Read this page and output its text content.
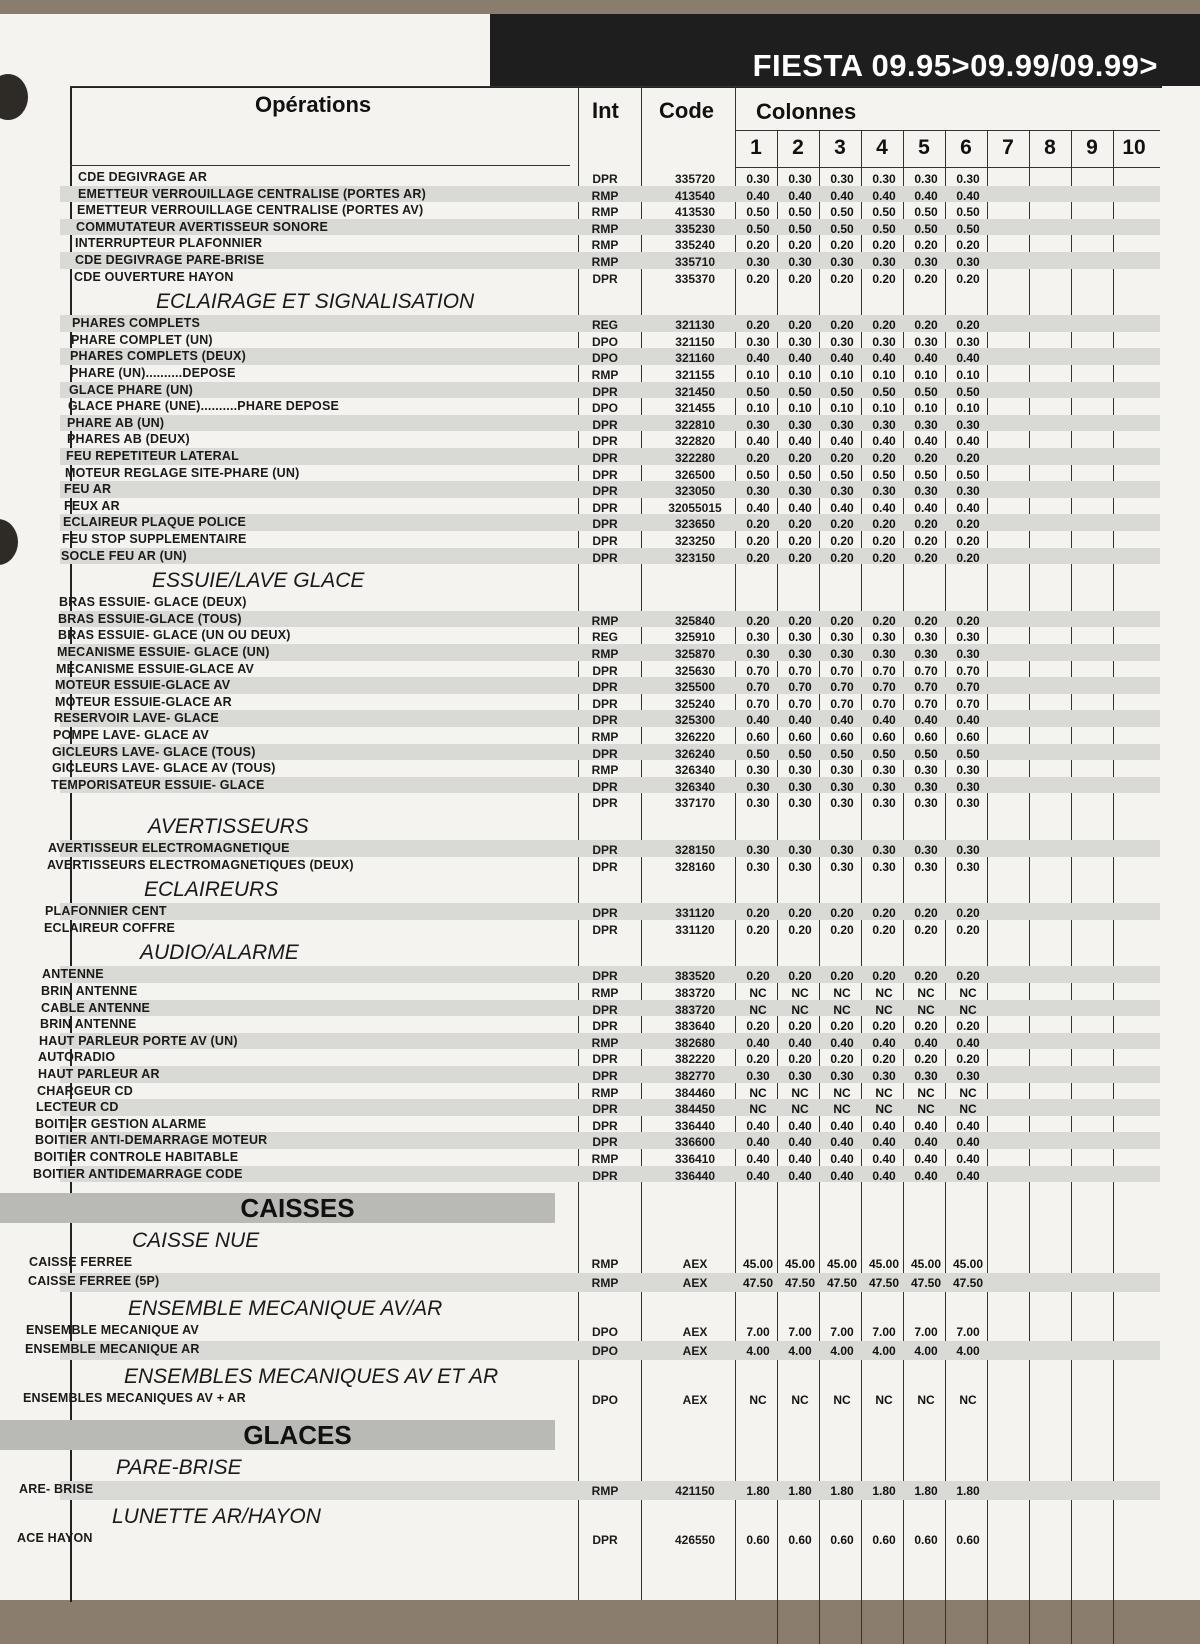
FIESTA 09.95>09.99/09.99>
Opérations	Int Code Colonnes
1	2	3	4	5	6	7	8	9	10
CDE DEGIVRAGE AR	DPR	335720	0.30	0.30	0.30	0.30	0.30	0.30
EMETTEUR VERROUILLAGE CENTRALISE (PORTES AR)	RMP	413540	0.40	0.40	0.40	0.40	0.40	0.40
EMETTEUR VERROUILLAGE CENTRALISE (PORTES AV)	RMP	413530	0.50	0.50	0.50	0.50	0.50	0.50
COMMUTATEUR AVERTISSEUR SONORE	RMP	335230	0.50	0.50	0.50	0.50	0.50	0.50
INTERRUPTEUR PLAFONNIER	RMP	335240	0.20	0.20	0.20	0.20	0.20	0.20
CDE DEGIVRAGE PARE-BRISE	RMP	335710	0.30	0.30	0.30	0.30	0.30	0.30
CDE OUVERTURE HAYON	DPR	335370	0.20	0.20	0.20	0.20	0.20	0.20
ECLAIRAGE ET SIGNALISATION
PHARES COMPLETS	REG	321130	0.20	0.20	0.20	0.20	0.20	0.20
PHARE COMPLET (UN)	DPO	321150	0.30	0.30	0.30	0.30	0.30	0.30
PHARES COMPLETS (DEUX)	DPO	321160	0.40	0.40	0.40	0.40	0.40	0.40
PHARE (UN)..........DEPOSE	RMP	321155	0.10	0.10	0.10	0.10	0.10	0.10
GLACE PHARE (UN)	DPR	321450	0.50	0.50	0.50	0.50	0.50	0.50
GLACE PHARE (UNE)..........PHARE DEPOSE	DPO	321455	0.10	0.10	0.10	0.10	0.10	0.10
PHARE AB (UN)	DPR	322810	0.30	0.30	0.30	0.30	0.30	0.30
PHARES AB (DEUX)	DPR	322820	0.40	0.40	0.40	0.40	0.40	0.40
FEU REPETITEUR LATERAL	DPR	322280	0.20	0.20	0.20	0.20	0.20	0.20
MOTEUR REGLAGE SITE-PHARE (UN)	DPR	326500	0.50	0.50	0.50	0.50	0.50	0.50
FEU AR	DPR	323050	0.30	0.30	0.30	0.30	0.30	0.30
FEUX AR	DPR	32055015	0.40	0.40	0.40	0.40	0.40	0.40
ECLAIREUR PLAQUE POLICE	DPR	323650	0.20	0.20	0.20	0.20	0.20	0.20
FEU STOP SUPPLEMENTAIRE	DPR	323250	0.20	0.20	0.20	0.20	0.20	0.20
SOCLE FEU AR (UN)	DPR	323150	0.20	0.20	0.20	0.20	0.20	0.20
ESSUIE/LAVE GLACE
BRAS ESSUIE- GLACE (DEUX)
BRAS ESSUIE-GLACE (TOUS)	RMP	325840	0.20	0.20	0.20	0.20	0.20	0.20
BRAS ESSUIE- GLACE (UN OU DEUX)	REG	325910	0.30	0.30	0.30	0.30	0.30	0.30
MECANISME ESSUIE- GLACE (UN)	RMP	325870	0.30	0.30	0.30	0.30	0.30	0.30
MECANISME ESSUIE-GLACE AV	DPR	325630	0.70	0.70	0.70	0.70	0.70	0.70
MOTEUR ESSUIE-GLACE AV	DPR	325500	0.70	0.70	0.70	0.70	0.70	0.70
MOTEUR ESSUIE-GLACE AR	DPR	325240	0.70	0.70	0.70	0.70	0.70	0.70
RESERVOIR LAVE- GLACE	DPR	325300	0.40	0.40	0.40	0.40	0.40	0.40
POMPE LAVE- GLACE AV	RMP	326220	0.60	0.60	0.60	0.60	0.60	0.60
GICLEURS LAVE- GLACE (TOUS)	DPR	326240	0.50	0.50	0.50	0.50	0.50	0.50
GICLEURS LAVE- GLACE AV (TOUS)	RMP	326340	0.30	0.30	0.30	0.30	0.30	0.30
TEMPORISATEUR ESSUIE- GLACE	DPR	326340	0.30	0.30	0.30	0.30	0.30	0.30
DPR	337170	0.30	0.30	0.30	0.30	0.30	0.30
AVERTISSEURS
AVERTISSEUR ELECTROMAGNETIQUE	DPR	328150	0.30	0.30	0.30	0.30	0.30	0.30
AVERTISSEURS ELECTROMAGNETIQUES (DEUX)	DPR	328160	0.30	0.30	0.30	0.30	0.30	0.30
ECLAIREURS
PLAFONNIER CENT	DPR	331120	0.20	0.20	0.20	0.20	0.20	0.20
ECLAIREUR COFFRE	DPR	331120	0.20	0.20	0.20	0.20	0.20	0.20
AUDIO/ALARME
ANTENNE	DPR	383520	0.20	0.20	0.20	0.20	0.20	0.20
BRIN ANTENNE	RMP	383720	NC	NC	NC	NC	NC	NC
CABLE ANTENNE	DPR	383720	NC	NC	NC	NC	NC	NC
BRIN ANTENNE	DPR	383640	0.20	0.20	0.20	0.20	0.20	0.20
HAUT PARLEUR PORTE AV (UN)	RMP	382680	0.40	0.40	0.40	0.40	0.40	0.40
AUTORADIO	DPR	382220	0.20	0.20	0.20	0.20	0.20	0.20
HAUT PARLEUR AR	DPR	382770	0.30	0.30	0.30	0.30	0.30	0.30
CHARGEUR CD	RMP	384460	NC	NC	NC	NC	NC	NC
LECTEUR CD	DPR	384450	NC	NC	NC	NC	NC	NC
BOITIER GESTION ALARME	DPR	336440	0.40	0.40	0.40	0.40	0.40	0.40
BOITIER ANTI-DEMARRAGE MOTEUR	DPR	336600	0.40	0.40	0.40	0.40	0.40	0.40
BOITIER CONTROLE HABITABLE	RMP	336410	0.40	0.40	0.40	0.40	0.40	0.40
BOITIER ANTIDEMARRAGE CODE	DPR	336440	0.40	0.40	0.40	0.40	0.40	0.40
CAISSES
CAISSE NUE
CAISSE FERREE	RMP	AEX	45.00 45.00 45.00 45.00 45.00 45.00
CAISSE FERREE (5P)	RMP	AEX	47.50 47.50 47.50 47.50 47.50 47.50
ENSEMBLE MECANIQUE AV/AR
ENSEMBLE MECANIQUE AV	DPO	AEX	7.00	7.00	7.00	7.00	7.00	7.00
ENSEMBLE MECANIQUE AR	DPO	AEX	4.00	4.00	4.00	4.00	4.00	4.00
ENSEMBLES MECANIQUES AV ET AR
ENSEMBLES MECANIQUES AV + AR	DPO	AEX	NC	NC	NC	NC	NC	NC
GLACES
PARE-BRISE
ARE- BRISE	RMP	421150	1.80	1.80	1.80	1.80	1.80	1.80
LUNETTE AR/HAYON
ACE HAYON	DPR	426550	0.60	0.60	0.60	0.60	0.60	0.60
